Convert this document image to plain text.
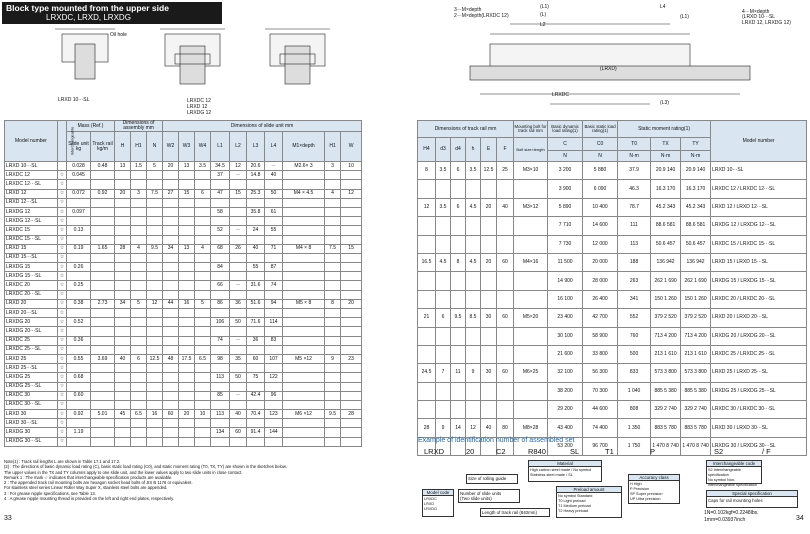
Block type mounted from the upper side
LRXDC, LRXD, LRXDG
LRXD 10···SL	LRXDC 12
LRXD 12
LRXDG 12
Oil hole
2－M×depth(LRXDC 12)
3－M×depth	(L1)
(L)
L2
4－M×depth
(LRXD 10···SL
LRXD 12, LRXDG 12)
LRXDC
(LRXD)
(L3)
L4
(L1)
Model number	Interchangeable	Mass (Ref.)		Dimensions of assembly mm			Dimensions of slide unit mm									
		Slide unit kg	Track rail kg/m	H	H1	N	W2	W3	W4	L1	L2	L3	L4	M1×depth	H1	W

LRXD 10···SL		0.028	0.48	13	1.5	5	20	13	3.5	34.5	12	20.6	－	M2.6× 3	3	10
LRXDC 12	☆	0.045								37	－	14.8	40			
LRXDC 12···SL	☆															
LRXD 12	☆	0.072	0.92	20	3	7.5	27	15	6	47	15	25.3	50	M4 × 4.5	4	12
LRXD 12···SL	☆															
LRXDG 12	☆	0.097								58		35.8	61			
LRXDG 12···SL	☆															
LRXDC 15	☆	0.13								52	－	24	55			
LRXDC 15···SL	☆															
LRXD 15	☆	0.19	1.65	28	4	9.5	34	13	4	68	26	40	71	M4 × 8	7.5	15
LRXD 15···SL	☆															
LRXDG 15	☆	0.26								84		55	87			
LRXDG 15···SL	☆															
LRXDC 20	☆	0.25								66	－	31.6	74			
LRXDC 20···SL	☆															
LRXD 20	☆	0.38	2.73	34	5	12	44	16	5	86	36	51.6	94	M5 × 8	8	20
LRXD 20···SL	☆															
LRXDG 20	☆	0.52								106	50	71.6	114			
LRXDG 20···SL	☆															
LRXDC 25	☆	0.36								74	－	36	83			
LRXDC 25···SL	☆															
LRXD 25	☆	0.55	3.69	40	6	12.5	48	17.5	6.5	98	35	60	107	M5 ×12	9	23
LRXD 25···SL	☆															
LRXDG 25	☆	0.68								113	50	75	122			
LRXDG 25···SL	☆															
LRXDC 30	☆	0.60								85	－	42.4	96			
LRXDC 30···SL	☆															
LRXD 30	☆	0.92	5.01	45	6.5	16	60	20	10	113	40	70.4	123	M6 ×12	9.5	28
LRXD 30···SL	☆															
LRXDG 30	☆	1.19								134	60	91.4	144			
LRXDG 30···SL	☆															
Dimensions of track rail mm						Mounting bolt for track rail mm	Basic dynamic load rating(1)	Basic static load rating(1)	Static moment rating(1)			Model number
H4	d3	d4	h	E	F	Bolt size×length	C	C0	T0	TX	TY	
							N	N	N·m	N·m	N·m	
8	3.5	6	3.5	12.5	25	M3×10	3 200	5 880	37.9	20.9 140	20.9 140	LRXD 10···SL
							3 900	6 090	46.3	16.3 170	16.3 170	LRXDC 12 / LRXDC 12···SL
12	3.5	6	4.5	20	40	M3×12	5 890	10 400	78.7	45.2 343	45.2 343	LRXD 12 / LRXD 12···SL
							7 710	14 600	111	88.6 581	88.6 581	LRXDG 12 / LRXDG 12···SL
							7 730	12 000	113	50.6 457	50.6 457	LRXDC 15 / LRXDC 15···SL
16.5	4.5	8	4.5	20	60	M4×16	11 500	20 000	188	136 942	136 942	LRXD 15 / LRXD 15···SL
							14 900	28 000	263	262 1 690	262 1 690	LRXDG 15 / LRXDG 15···SL
							16 100	26 400	341	150 1 260	150 1 260	LRXDC 20 / LRXDC 20···SL
21	6	9.5	8.5	30	60	M5×20	23 400	42 700	552	379 2 520	379 2 520	LRXD 20 / LRXD 20···SL
							30 100	58 900	760	713 4 200	713 4 200	LRXDG 20 / LRXDG 20···SL
							21 600	33 800	500	213 1 610	213 1 610	LRXDC 25 / LRXDC 25···SL
24.5	7	11	9	30	60	M6×25	32 100	56 300	833	573 3 800	573 3 800	LRXD 25 / LRXD 25···SL
							38 200	70 300	1 040	885 5 380	885 5 380	LRXDG 25 / LRXDG 25···SL
							29 200	44 600	808	329 2 740	329 2 740	LRXDC 30 / LRXDC 30···SL
28	9	14	12	40	80	M8×28	43 400	74 400	1 350	883 5 780	883 5 780	LRXD 30 / LRXD 30···SL
							53 200	96 700	1 750	1 470 8 740	1 470 8 740	LRXDG 30 / LRXDG 30···SL
Note(1) : Track rail lengths L are shown in Table 17.1 and 17.2.
(2) : The directions of basic dynamic load rating (C), basic static load rating (C0), and static moment rating (T0, TX, TY) are shown in the sketches below.
The upper values in the TX and TY columns apply to one slide unit, and the lower values apply to two slide units in close contact.
Remark 1 : The mark ☆ indicates that interchangeable specification products are available.
2 : The appended track rail mounting bolts are hexagon socket head bolts of JIS B 1176 or equivalent.
For stainless steel series Linear Roller Way Super X, stainless steel bolts are appended.
3 : For grease nipple specifications, see Table 13.
4 : A grease nipple mounting thread is provided on the left and right end plates, respectively.
33	34
Example of identification number of assembled set
LRXD	20	C2	R840	SL	T1	P	S2	/ F
Material
High carbon steel made / No symbol
Stainless steel made / SL
Interchangeable code
S2 Interchangeable specification
No symbol Non-interchangeable specification
Size of rolling guide	Accuracy class
H High
P Precision
SP Super precision
UP Ultra precision
Preload amount
No symbol Standard
T0 Light preload
T1 Medium preload
T2 Heavy preload
Model code
LRXDC
LRXD
LRXDG
Number of slide units
(Two slide units)
Length of track rail (840mm)
Special specification
Caps for rail mounting holes
1N=0.102kgf=0.2248lbs.
1mm=0.03937inch
